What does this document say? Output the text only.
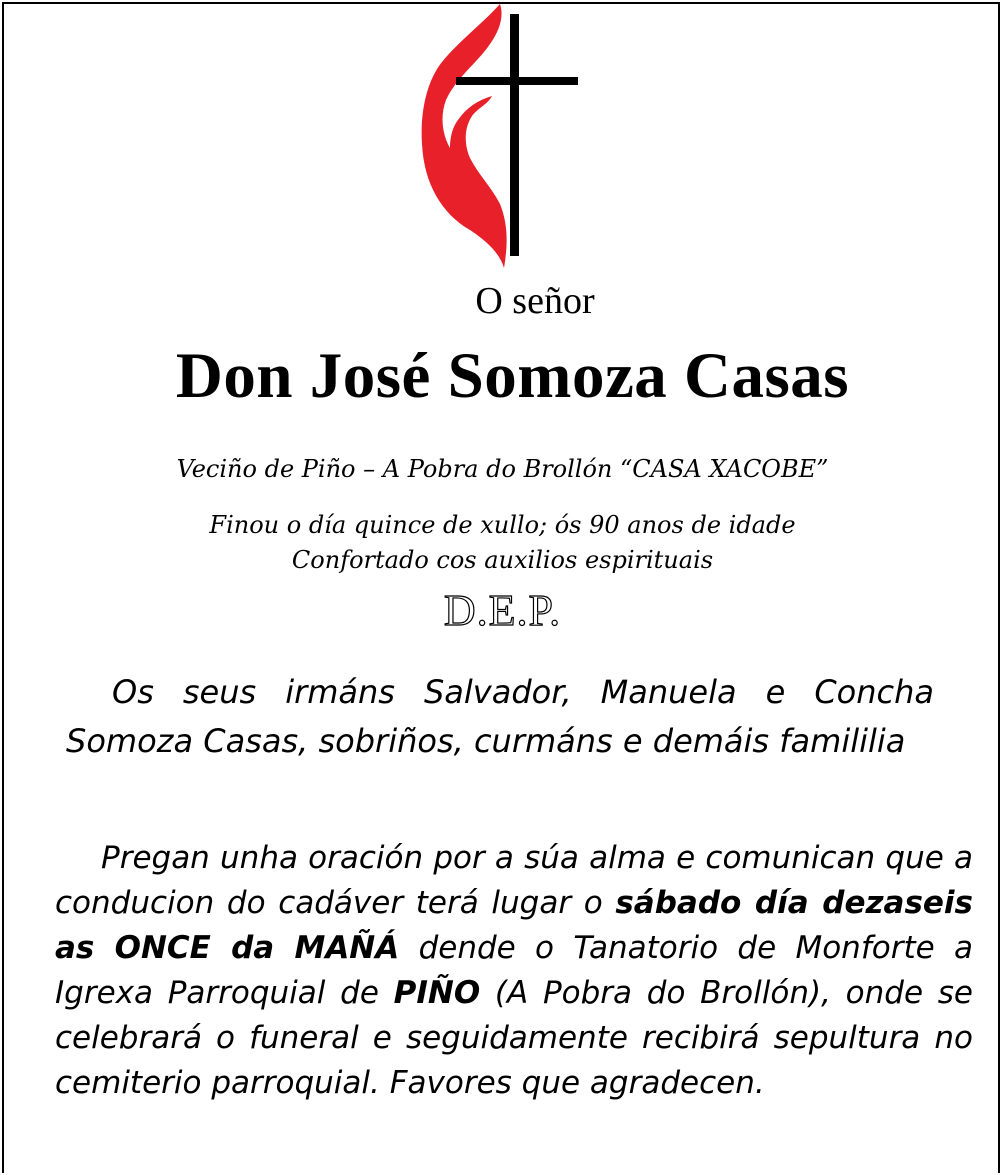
O señor
Don José Somoza Casas
Veciño de Piño – A Pobra do Brollón “CASA XACOBE”
Finou o día quince de xullo; ós 90 anos de idade
Confortado cos auxilios espirituais
D.E.P.
Os seus irmáns Salvador, Manuela e Concha Somoza Casas, sobriños, curmáns e demáis famililia
Pregan unha oración por a súa alma e comunican que a conducion do cadáver terá lugar o sábado día dezaseis as ONCE da MAÑÁ dende o Tanatorio de Monforte a Igrexa Parroquial de PIÑO (A Pobra do Brollón), onde se celebrará o funeral e seguidamente recibirá sepultura no cemiterio parroquial. Favores que agradecen.
